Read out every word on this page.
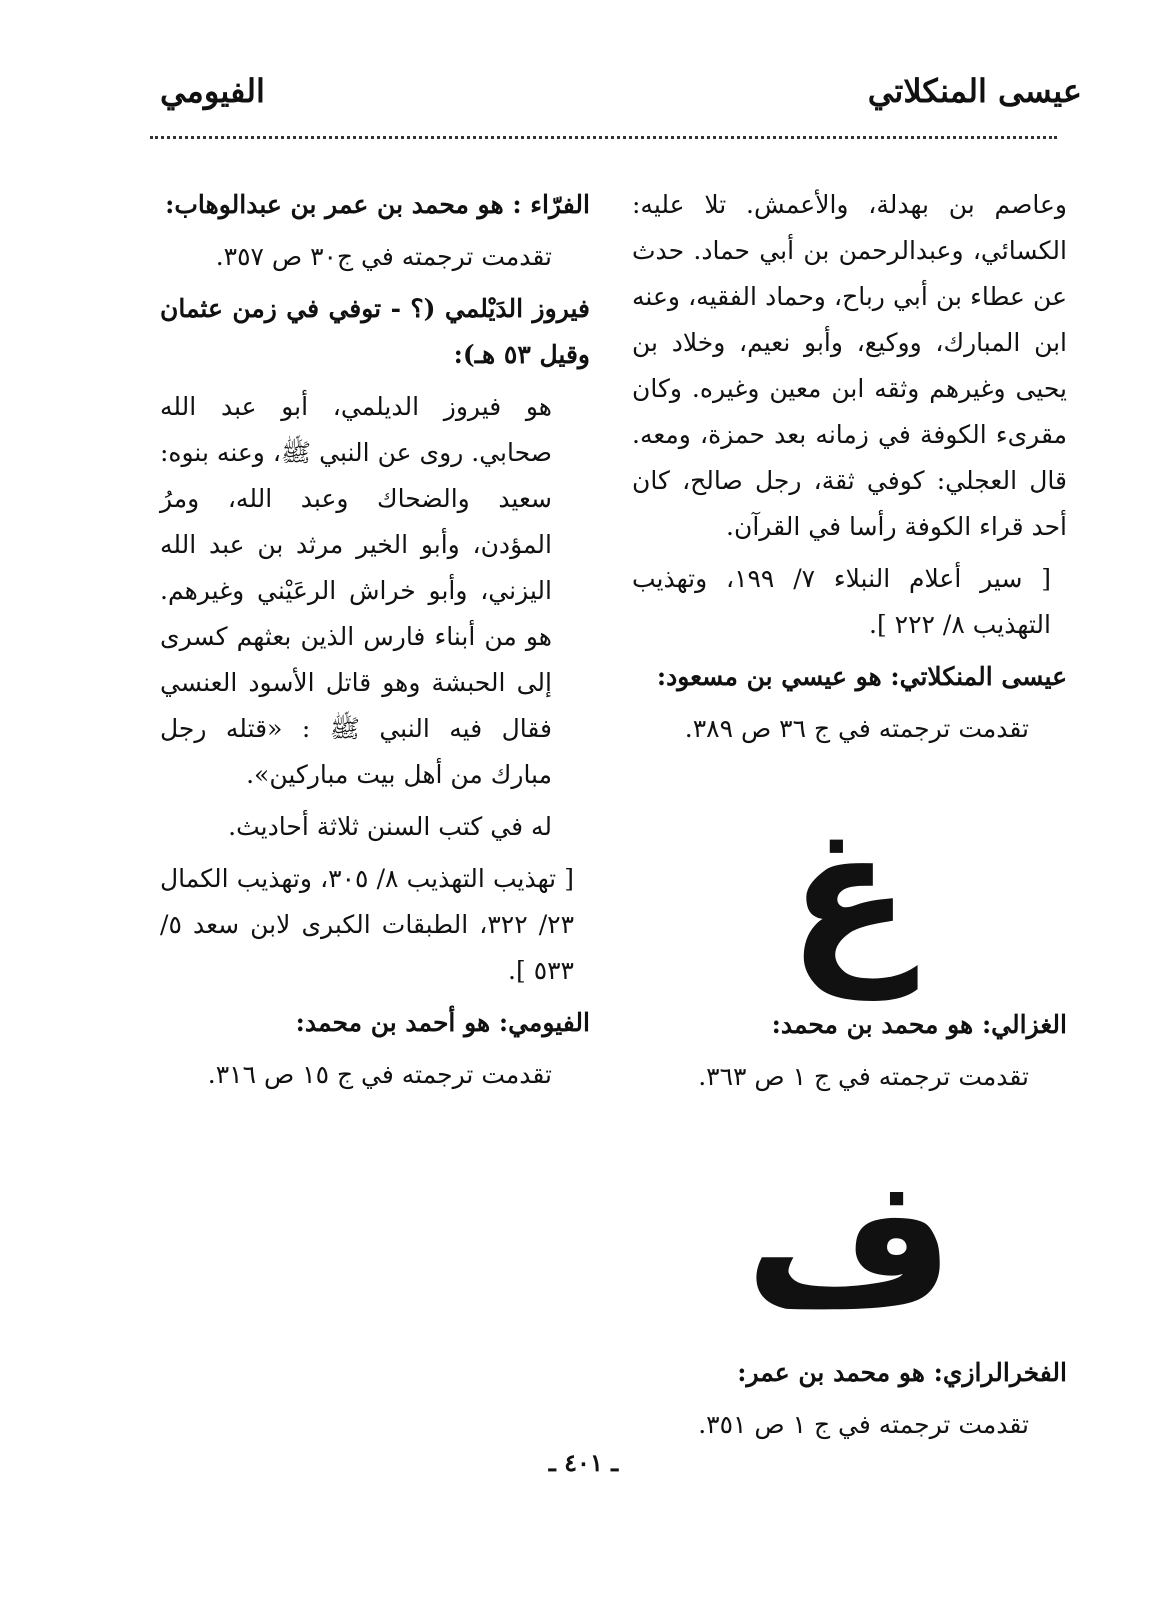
عيسى المنكلاتي
الفيومي

وعاصم بن بهدلة، والأعمش. تلا عليه: الكسائي، وعبدالرحمن بن أبي حماد. حدث عن عطاء بن أبي رباح، وحماد الفقيه، وعنه ابن المبارك، ووكيع، وأبو نعيم، وخلاد بن يحيى وغيرهم وثقه ابن معين وغيره. وكان مقرىء الكوفة في زمانه بعد حمزة، ومعه. قال العجلي: كوفي ثقة، رجل صالح، كان أحد قراء الكوفة رأسا في القرآن.

[ سير أعلام النبلاء ٧/ ١٩٩، وتهذيب التهذيب ٨/ ٢٢٢ ].

عيسى المنكلاتي: هو عيسي بن مسعود:

تقدمت ترجمته في ج ٣٦ ص ٣٨٩.

غ

الغزالي: هو محمد بن محمد:

تقدمت ترجمته في ج ١ ص ٣٦٣.

ف

الفخرالرازي: هو محمد بن عمر:

تقدمت ترجمته في ج ١ ص ٣٥١.

الفرّاء : هو محمد بن عمر بن عبدالوهاب:

تقدمت ترجمته في ج٣٠ ص ٣٥٧.

فيروز الدَيْلمي (؟ - توفي في زمن عثمان وقيل ٥٣ هـ):

هو فيروز الديلمي، أبو عبد الله صحابي. روى عن النبي ﷺ، وعنه بنوه: سعيد والضحاك وعبد الله، ومرُ المؤدن، وأبو الخير مرثد بن عبد الله اليزني، وأبو خراش الرعَيْني وغيرهم. هو من أبناء فارس الذين بعثهم كسرى إلى الحبشة وهو قاتل الأسود العنسي فقال فيه النبي ﷺ : «قتله رجل مبارك من أهل بيت مباركين».

له في كتب السنن ثلاثة أحاديث.

[ تهذيب التهذيب ٨/ ٣٠٥، وتهذيب الكمال ٢٣/ ٣٢٢، الطبقات الكبرى لابن سعد ٥/ ٥٣٣ ].

الفيومي: هو أحمد بن محمد:

تقدمت ترجمته في ج ١٥ ص ٣١٦.

ـ ٤٠١ ـ
